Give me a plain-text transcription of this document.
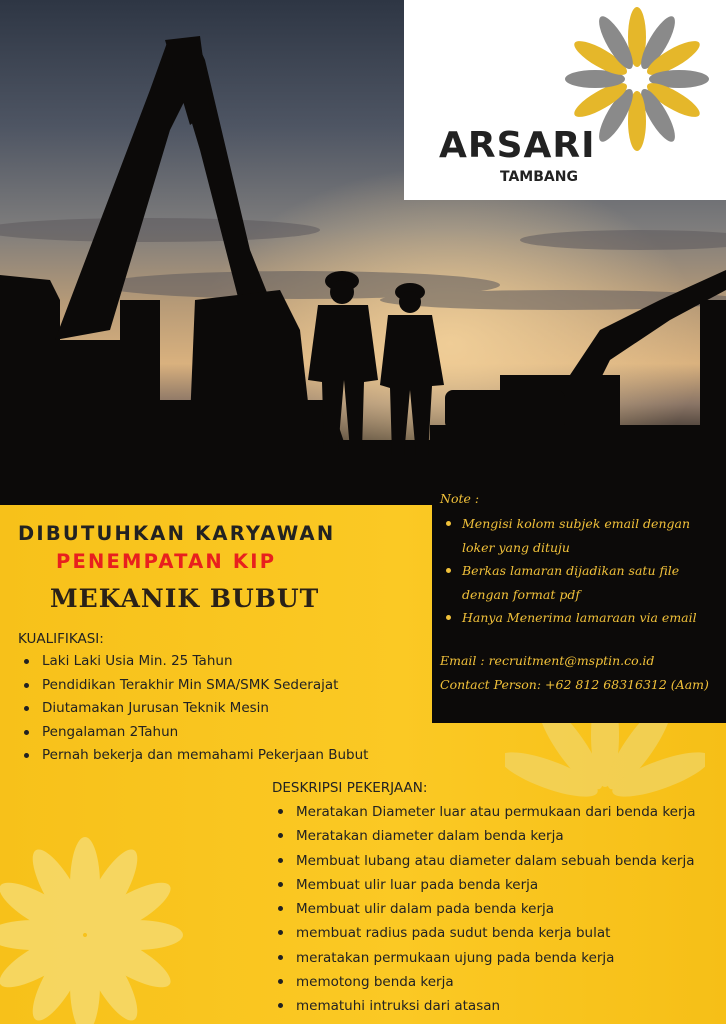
ARSARI
TAMBANG
Note :
Mengisi kolom subjek email dengan loker yang dituju
Berkas lamaran dijadikan satu file dengan format pdf
Hanya Menerima lamaraan via email
Email : recruitment@msptin.co.id
Contact Person: +62 812 68316312 (Aam)
DIBUTUHKAN KARYAWAN
PENEMPATAN KIP
MEKANIK BUBUT
KUALIFIKASI:
Laki Laki Usia Min. 25 Tahun
Pendidikan Terakhir Min SMA/SMK Sederajat
Diutamakan Jurusan Teknik Mesin
Pengalaman 2Tahun
Pernah bekerja dan memahami Pekerjaan Bubut
DESKRIPSI PEKERJAAN:
Meratakan Diameter luar atau permukaan dari benda kerja
Meratakan diameter dalam benda kerja
Membuat lubang atau diameter dalam sebuah benda kerja
Membuat ulir luar pada benda kerja
Membuat ulir dalam pada benda kerja
membuat radius pada sudut benda kerja bulat
meratakan permukaan ujung pada benda kerja
memotong benda kerja
mematuhi intruksi dari atasan
